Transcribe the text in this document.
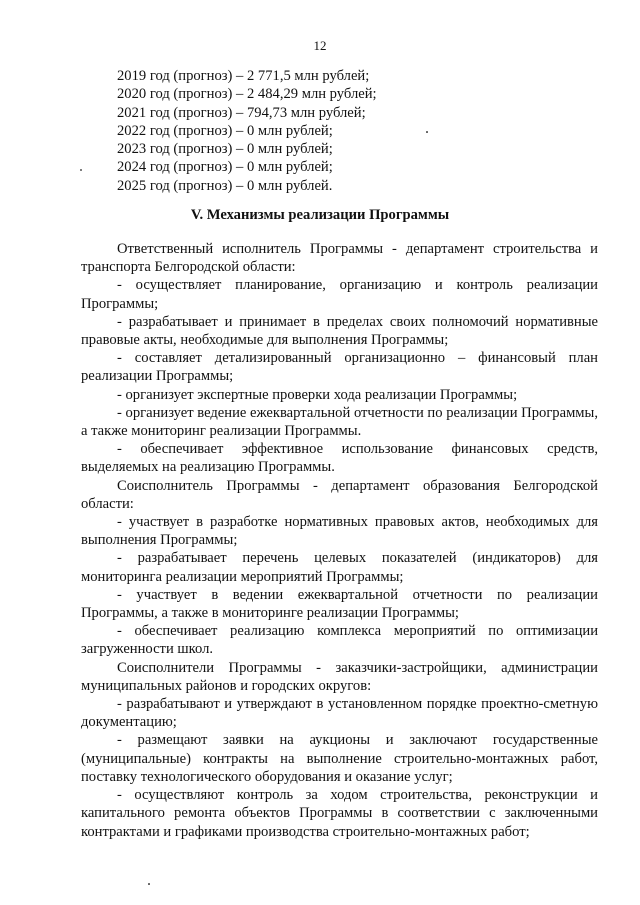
12
2019 год (прогноз) – 2 771,5 млн рублей;
2020 год (прогноз) – 2 484,29 млн рублей;
2021 год (прогноз) – 794,73 млн рублей;
2022 год (прогноз) – 0 млн рублей;
2023 год (прогноз) – 0 млн рублей;
2024 год (прогноз) – 0 млн рублей;
2025 год (прогноз) – 0 млн рублей.
V. Механизмы реализации Программы

Ответственный исполнитель Программы - департамент строительства и транспорта Белгородской области:

- осуществляет планирование, организацию и контроль реализации Программы;

- разрабатывает и принимает в пределах своих полномочий нормативные правовые акты, необходимые для выполнения Программы;

- составляет детализированный организационно – финансовый план реализации Программы;

- организует экспертные проверки хода реализации Программы;

- организует ведение ежеквартальной отчетности по реализации Программы, а также мониторинг реализации Программы.

- обеспечивает эффективное использование финансовых средств, выделяемых на реализацию Программы.

Соисполнитель Программы - департамент образования Белгородской области:

- участвует в разработке нормативных правовых актов, необходимых для выполнения Программы;

- разрабатывает перечень целевых показателей (индикаторов) для мониторинга реализации мероприятий Программы;

- участвует в ведении ежеквартальной отчетности по реализации Программы, а также в мониторинге реализации Программы;

- обеспечивает реализацию комплекса мероприятий по оптимизации загруженности школ.

Соисполнители Программы - заказчики-застройщики, администрации муниципальных районов и городских округов:

- разрабатывают и утверждают в установленном порядке проектно-сметную документацию;

- размещают заявки на аукционы и заключают государственные (муниципальные) контракты на выполнение строительно-монтажных работ, поставку технологического оборудования и оказание услуг;

- осуществляют контроль за ходом строительства, реконструкции и капитального ремонта объектов Программы в соответствии с заключенными контрактами и графиками производства строительно-монтажных работ;
